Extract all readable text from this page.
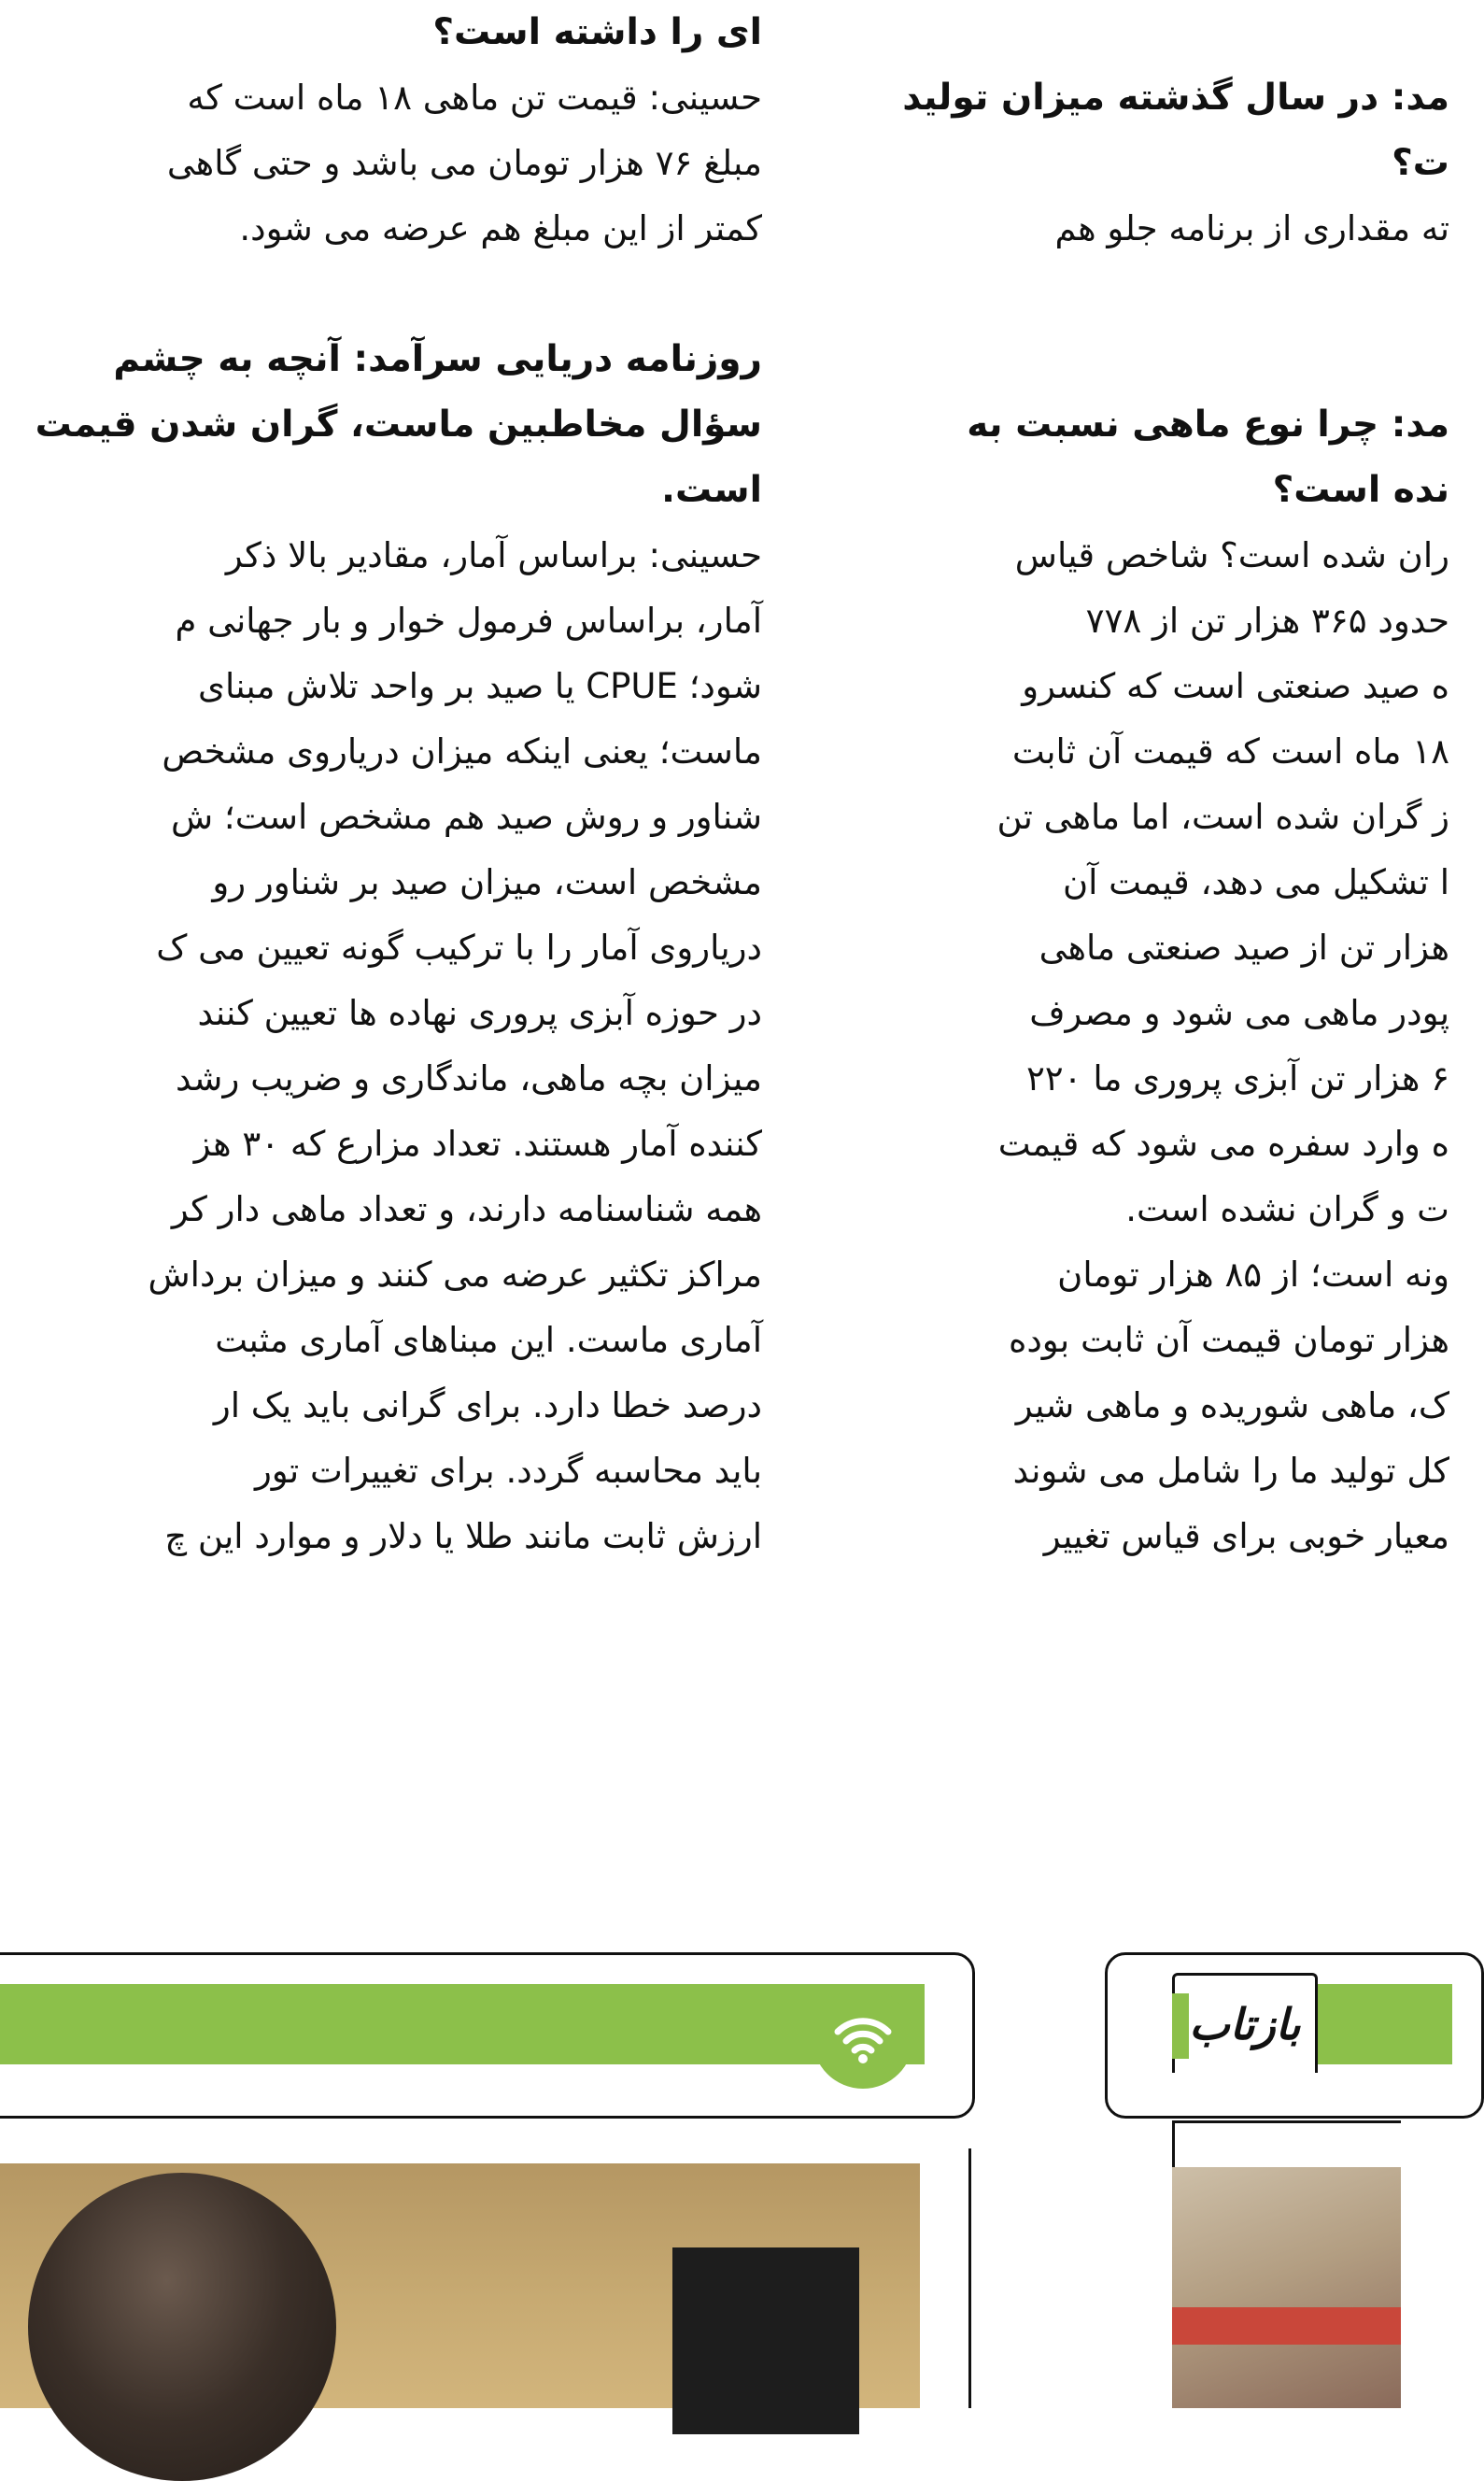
ای را داشته است؟
حسینی: قیمت تن ماهی ۱۸ ماه است که
مبلغ ۷۶ هزار تومان می باشد و حتی گاهی
کمتر از این مبلغ هم عرضه می شود.
روزنامه دریایی سرآمد: آنچه به چشم
سؤال مخاطبین ماست، گران شدن قیمت
است.
حسینی: براساس آمار، مقادیر بالا ذکر
آمار، براساس فرمول خوار و بار جهانی م
شود؛ CPUE یا صید بر واحد تلاش مبنای
ماست؛ یعنی اینکه میزان دریاروی مشخص
شناور و روش صید هم مشخص است؛ ش
مشخص است، میزان صید بر شناور رو
دریاروی آمار را با ترکیب گونه تعیین می ک
در حوزه آبزی پروری نهاده ها تعیین کنند
میزان بچه ماهی، ماندگاری و ضریب رشد
کننده آمار هستند. تعداد مزارع که ۳۰ هز
همه شناسنامه دارند، و تعداد ماهی دار کر
مراکز تکثیر عرضه می کنند و میزان برداش
آماری ماست. این مبناهای آماری مثبت
درصد خطا دارد. برای گرانی باید یک ار
باید محاسبه گردد. برای تغییرات تور
ارزش ثابت مانند طلا یا دلار و موارد این چ
مد: در سال گذشته میزان تولید
ت؟
ته مقداری از برنامه جلو هم
مد: چرا نوع ماهی نسبت به
نده است؟
ران شده است؟ شاخص قیاس
حدود ۳۶۵ هزار تن از ۷۷۸
ه صید صنعتی است که کنسرو
۱۸ ماه است که قیمت آن ثابت
ز گران شده است، اما ماهی تن
ا تشکیل می دهد، قیمت آن
هزار تن از صید صنعتی ماهی
پودر ماهی می شود و مصرف
۶ هزار تن آبزی پروری ما ۲۲۰
ه وارد سفره می شود که قیمت
ت و گران نشده است.
ونه است؛ از ۸۵ هزار تومان
هزار تومان قیمت آن ثابت بوده
ک، ماهی شوریده و ماهی شیر
کل تولید ما را شامل می شوند
معیار خوبی برای قیاس تغییر
بازتاب
